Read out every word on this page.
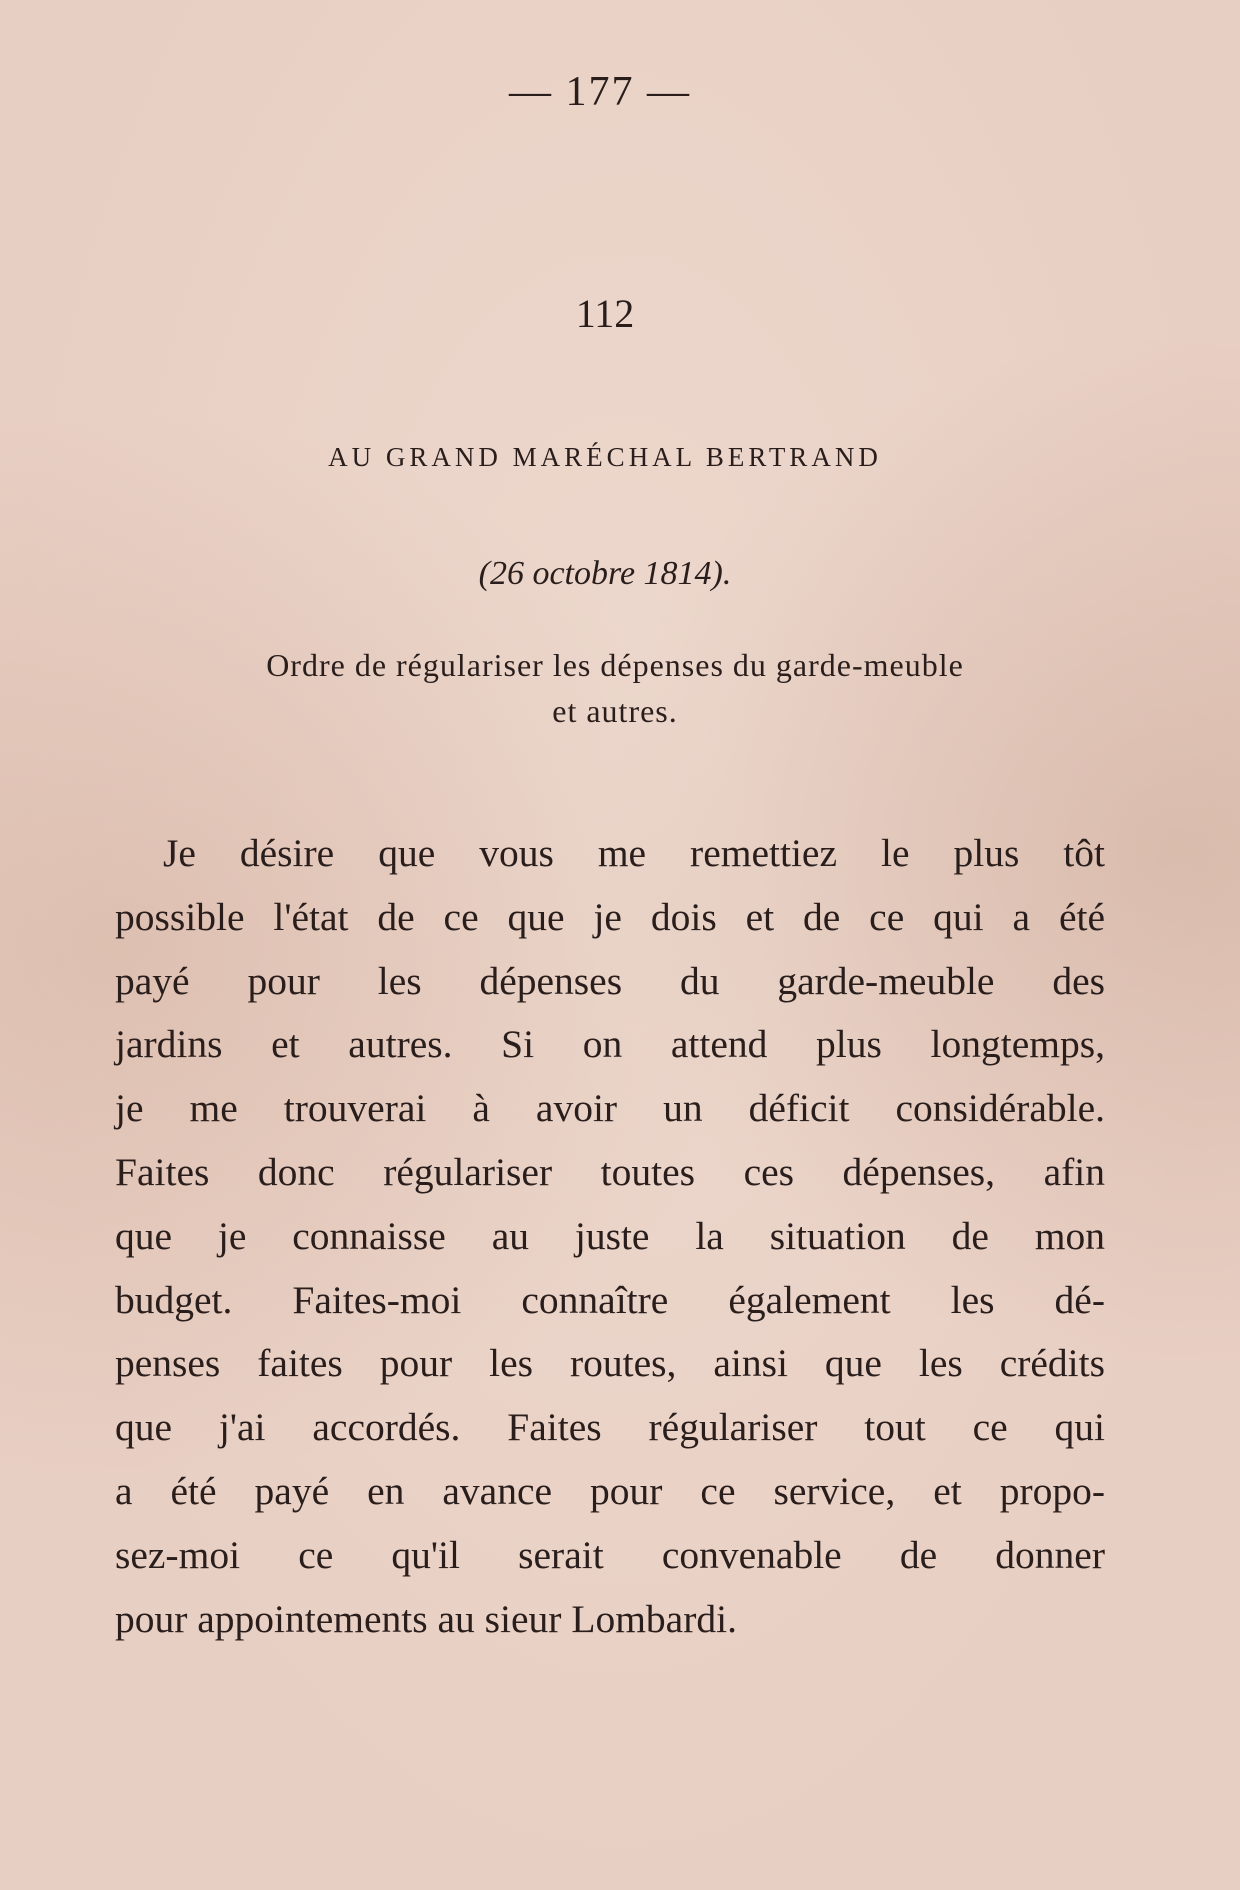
— 177 —
112
AU GRAND MARÉCHAL BERTRAND
(26 octobre 1814).
Ordre de régulariser les dépenses du garde-meuble
et autres.
Je désire que vous me remettiez le plus tôt
possible l'état de ce que je dois et de ce qui a été
payé pour les dépenses du garde-meuble des
jardins et autres. Si on attend plus longtemps,
je me trouverai à avoir un déficit considérable.
Faites donc régulariser toutes ces dépenses, afin
que je connaisse au juste la situation de mon
budget. Faites-moi connaître également les dé-
penses faites pour les routes, ainsi que les crédits
que j'ai accordés. Faites régulariser tout ce qui
a été payé en avance pour ce service, et propo-
sez-moi ce qu'il serait convenable de donner
pour appointements au sieur Lombardi.
